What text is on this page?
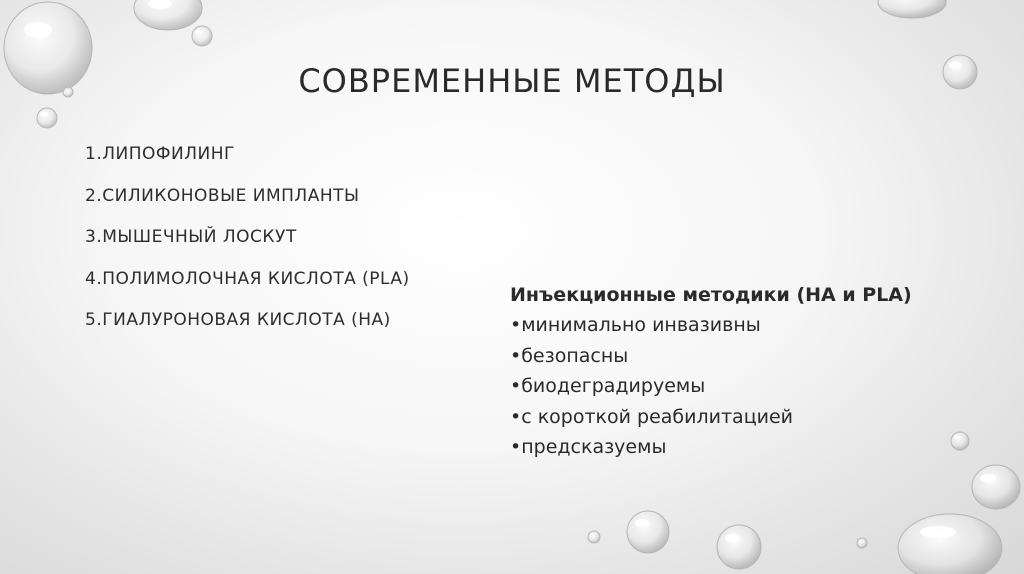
СОВРЕМЕННЫЕ МЕТОДЫ
1.ЛИПОФИЛИНГ
2.СИЛИКОНОВЫЕ ИМПЛАНТЫ
3.МЫШЕЧНЫЙ ЛОСКУТ
4.ПОЛИМОЛОЧНАЯ КИСЛОТА (PLA)
5.ГИАЛУРОНОВАЯ КИСЛОТА (НА)
Инъекционные методики (НА и PLA)
•минимально инвазивны
•безопасны
•биодеградируемы
•с короткой реабилитацией
•предсказуемы
